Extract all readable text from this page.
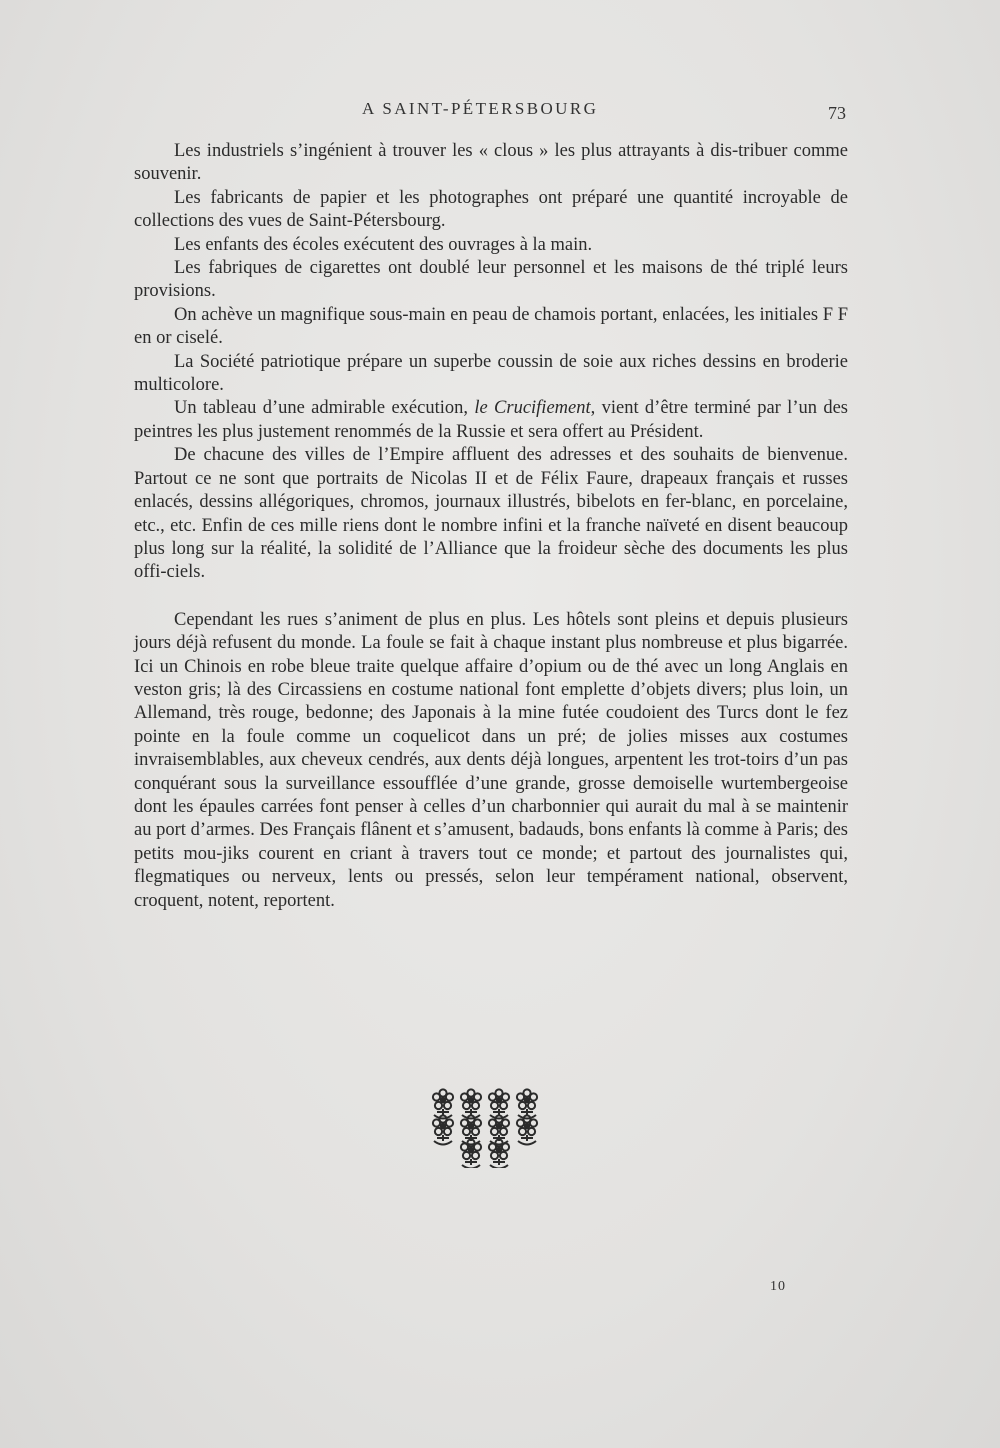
A SAINT-PÉTERSBOURG	73

Les industriels s’ingénient à trouver les « clous » les plus attrayants à dis-tribuer comme souvenir.

Les fabricants de papier et les photographes ont préparé une quantité incroyable de collections des vues de Saint-Pétersbourg.

Les enfants des écoles exécutent des ouvrages à la main.

Les fabriques de cigarettes ont doublé leur personnel et les maisons de thé triplé leurs provisions.

On achève un magnifique sous-main en peau de chamois portant, enlacées, les initiales F F en or ciselé.

La Société patriotique prépare un superbe coussin de soie aux riches dessins en broderie multicolore.

Un tableau d’une admirable exécution, le Crucifiement, vient d’être terminé par l’un des peintres les plus justement renommés de la Russie et sera offert au Président.

De chacune des villes de l’Empire affluent des adresses et des souhaits de bienvenue. Partout ce ne sont que portraits de Nicolas II et de Félix Faure, drapeaux français et russes enlacés, dessins allégoriques, chromos, journaux illustrés, bibelots en fer-blanc, en porcelaine, etc., etc. Enfin de ces mille riens dont le nombre infini et la franche naïveté en disent beaucoup plus long sur la réalité, la solidité de l’Alliance que la froideur sèche des documents les plus offi-ciels.

Cependant les rues s’animent de plus en plus. Les hôtels sont pleins et depuis plusieurs jours déjà refusent du monde. La foule se fait à chaque instant plus nombreuse et plus bigarrée. Ici un Chinois en robe bleue traite quelque affaire d’opium ou de thé avec un long Anglais en veston gris; là des Circassiens en costume national font emplette d’objets divers; plus loin, un Allemand, très rouge, bedonne; des Japonais à la mine futée coudoient des Turcs dont le fez pointe en la foule comme un coquelicot dans un pré; de jolies misses aux costumes invraisemblables, aux cheveux cendrés, aux dents déjà longues, arpentent les trot-toirs d’un pas conquérant sous la surveillance essoufflée d’une grande, grosse demoiselle wurtembergeoise dont les épaules carrées font penser à celles d’un charbonnier qui aurait du mal à se maintenir au port d’armes. Des Français flânent et s’amusent, badauds, bons enfants là comme à Paris; des petits mou-jiks courent en criant à travers tout ce monde; et partout des journalistes qui, flegmatiques ou nerveux, lents ou pressés, selon leur tempérament national, observent, croquent, notent, reportent.

10
